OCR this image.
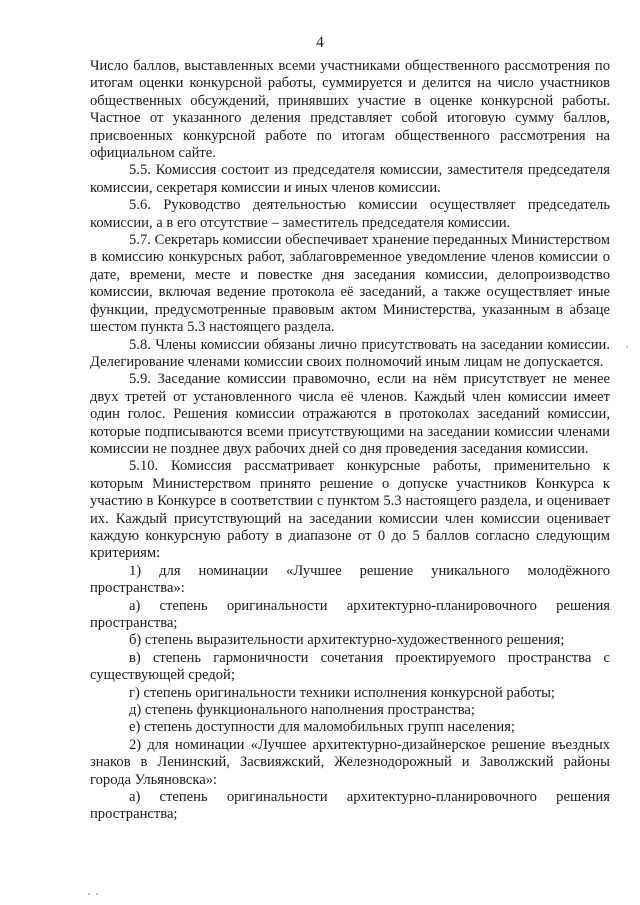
4

Число баллов, выставленных всеми участниками общественного рассмотрения по итогам оценки конкурсной работы, суммируется и делится на число участников общественных обсуждений, принявших участие в оценке конкурсной работы. Частное от указанного деления представляет собой итоговую сумму баллов, присвоенных конкурсной работе по итогам общественного рассмотрения на официальном сайте.

5.5. Комиссия состоит из председателя комиссии, заместителя председателя комиссии, секретаря комиссии и иных членов комиссии.

5.6. Руководство деятельностью комиссии осуществляет председатель комиссии, а в его отсутствие – заместитель председателя комиссии.

5.7. Секретарь комиссии обеспечивает хранение переданных Министерством в комиссию конкурсных работ, заблаговременное уведомление членов комиссии о дате, времени, месте и повестке дня заседания комиссии, делопроизводство комиссии, включая ведение протокола её заседаний, а также осуществляет иные функции, предусмотренные правовым актом Министерства, указанным в абзаце шестом пункта 5.3 настоящего раздела.

5.8. Члены комиссии обязаны лично присутствовать на заседании комиссии. Делегирование членами комиссии своих полномочий иным лицам не допускается.

5.9. Заседание комиссии правомочно, если на нём присутствует не менее двух третей от установленного числа её членов. Каждый член комиссии имеет один голос. Решения комиссии отражаются в протоколах заседаний комиссии, которые подписываются всеми присутствующими на заседании комиссии членами комиссии не позднее двух рабочих дней со дня проведения заседания комиссии.

5.10. Комиссия рассматривает конкурсные работы, применительно к которым Министерством принято решение о допуске участников Конкурса к участию в Конкурсе в соответствии с пунктом 5.3 настоящего раздела, и оценивает их. Каждый присутствующий на заседании комиссии член комиссии оценивает каждую конкурсную работу в диапазоне от 0 до 5 баллов согласно следующим критериям:

1) для номинации «Лучшее решение уникального молодёжного пространства»:

а) степень оригинальности архитектурно-планировочного решения пространства;

б) степень выразительности архитектурно-художественного решения;

в) степень гармоничности сочетания проектируемого пространства с существующей средой;

г) степень оригинальности техники исполнения конкурсной работы;

д) степень функционального наполнения пространства;

е) степень доступности для маломобильных групп населения;

2) для номинации «Лучшее архитектурно-дизайнерское решение въездных знаков в Ленинский, Засвияжский, Железнодорожный и Заволжский районы города Ульяновска»:

а) степень оригинальности архитектурно-планировочного решения пространства;
